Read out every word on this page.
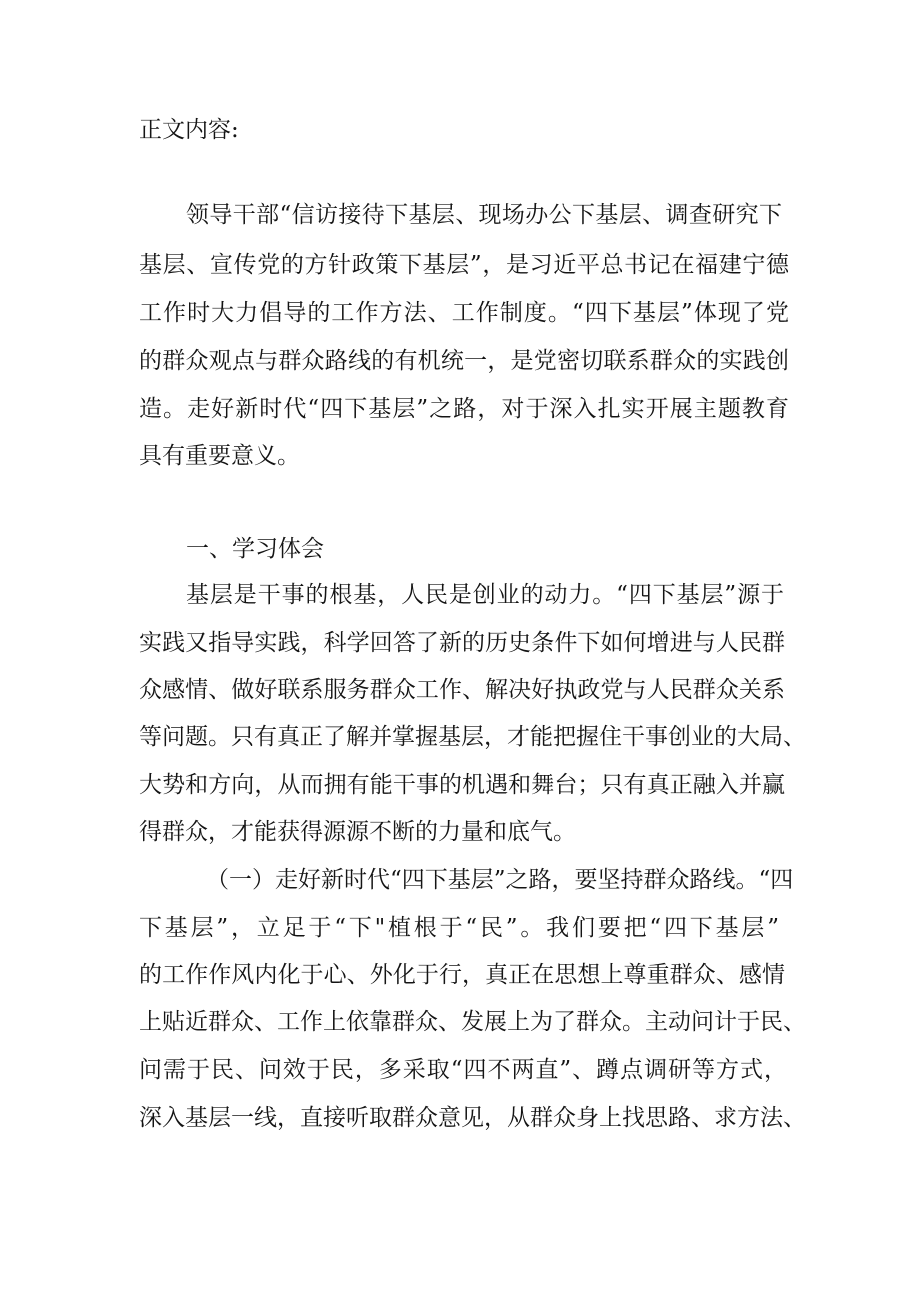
正文内容:
领导干部“信访接待下基层、现场办公下基层、调查研究下
基层、宣传党的方针政策下基层”，是习近平总书记在福建宁德
工作时大力倡导的工作方法、工作制度。“四下基层”体现了党
的群众观点与群众路线的有机统一，是党密切联系群众的实践创
造。走好新时代“四下基层”之路，对于深入扎实开展主题教育
具有重要意义。
一、学习体会
基层是干事的根基，人民是创业的动力。“四下基层”源于
实践又指导实践，科学回答了新的历史条件下如何增进与人民群
众感情、做好联系服务群众工作、解决好执政党与人民群众关系
等问题。只有真正了解并掌握基层，才能把握住干事创业的大局、
大势和方向，从而拥有能干事的机遇和舞台；只有真正融入并赢
得群众，才能获得源源不断的力量和底气。
（一）走好新时代“四下基层”之路，要坚持群众路线。“四
下基层”，立足于“下"植根于“民”。我们要把“四下基层”
的工作作风内化于心、外化于行，真正在思想上尊重群众、感情
上贴近群众、工作上依靠群众、发展上为了群众。主动问计于民、
问需于民、问效于民，多采取“四不两直”、蹲点调研等方式，
深入基层一线，直接听取群众意见，从群众身上找思路、求方法、
